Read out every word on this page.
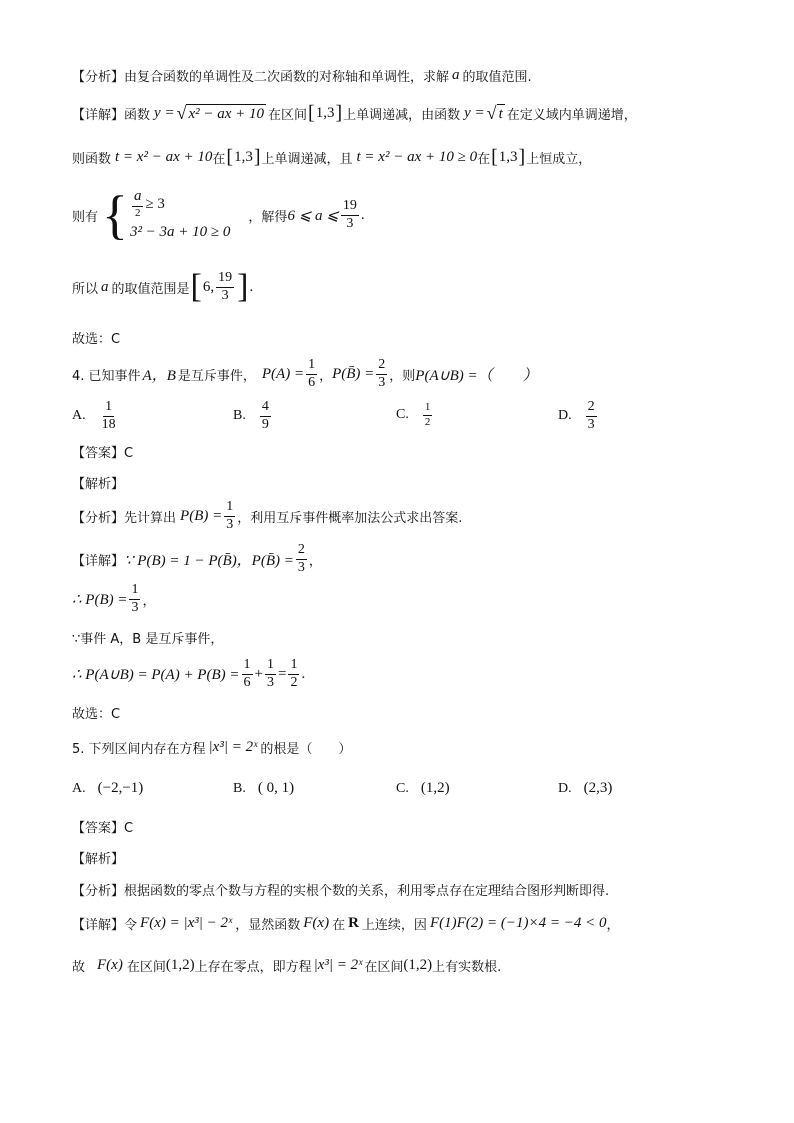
【分析】 由复合函数的单调性及二次函数的对称轴和单调性，求解 a 的取值范围.
【详解】 函数 y = √ x² − ax + 10 在区间 [ 1,3 ] 上单调递减，由函数 y = √ t 在定义域内单调递增，
则函数 t = x² − ax + 10 在 [ 1,3 ] 上单调递减，且 t = x² − ax + 10 ≥ 0 在 [ 1,3 ] 上恒成立，
则有 { $\frac{a}{2} \ge 3$
3² − 3a + 10 ≥ 0
，解得 6 ⩽ a ⩽ $\frac{19}{3}$ .
所以 a 的取值范围是 [ 6, $\frac{19}{3}$ ] .
故选：C
4. 已知事件 A，B 是互斥事件， $P(A) = \frac{1}{6}$ ， P(B̄) = $\frac{2}{3}$ ，则 P(A∪B) =（　　）
A. $\frac{1}{18}$	B. $\frac{4}{9}$	C. $\frac{1}{2}$	D. $\frac{2}{3}$
【答案】C
【解析】
【分析】 先计算出 $P(B) = \frac{1}{3}$ ，利用互斥事件概率加法公式求出答案.
【详解】 ∵ P(B) = 1 − P(B̄)，P(B̄) = $\frac{2}{3}$ ，
∴ $P(B) = \frac{1}{3}$ ，
∵事件 A，B 是互斥事件，
∴ P(A∪B) = $P(A) + P(B) = \frac{1}{6} + \frac{1}{3} = \frac{1}{2}$ .
故选：C
5. 下列区间内存在方程 |x³| = 2ˣ 的根是（　　）
A. (−2,−1)	B. ( 0, 1)	C. (1,2)	D. (2,3)
【答案】C
【解析】
【分析】 根据函数的零点个数与方程的实根个数的关系，利用零点存在定理结合图形判断即得.
【详解】 令 F(x) = |x³| − 2ˣ ，显然函数 F(x) 在 R 上连续，因 F(1)F(2) = (−1)×4 = −4 < 0 ，
故 F(x) 在区间 (1,2) 上存在零点，即方程 |x³| = 2ˣ 在区间 (1,2) 上有实数根.
